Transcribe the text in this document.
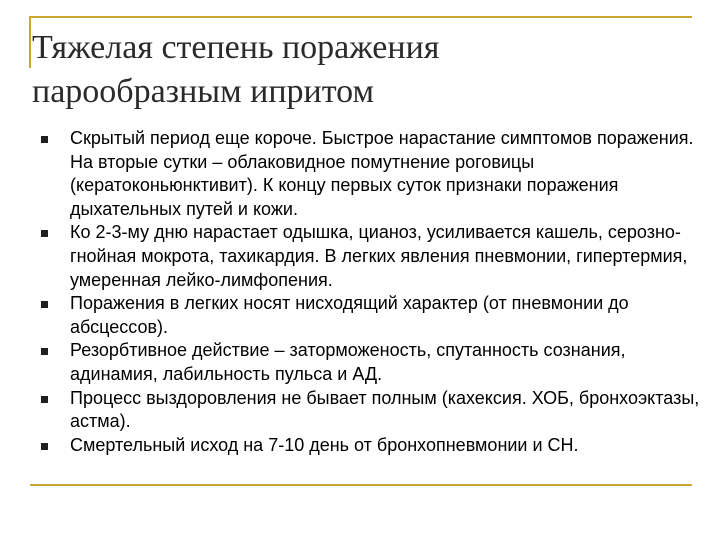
Тяжелая степень поражения
парообразным ипритом
Скрытый период еще короче. Быстрое нарастание симптомов поражения. На вторые сутки – облаковидное помутнение роговицы (кератоконьюнктивит). К концу первых суток признаки поражения дыхательных путей и кожи.
Ко 2-3-му дню нарастает одышка, цианоз, усиливается кашель, серозно-гнойная мокрота, тахикардия. В легких явления пневмонии, гипертермия, умеренная лейко-лимфопения.
Поражения в легких носят нисходящий характер (от пневмонии до абсцессов).
Резорбтивное действие – заторможеность, спутанность сознания, адинамия, лабильность пульса и АД.
Процесс выздоровления не бывает полным (кахексия. ХОБ, бронхоэктазы, астма).
Смертельный исход на 7-10 день от бронхопневмонии и СН.
